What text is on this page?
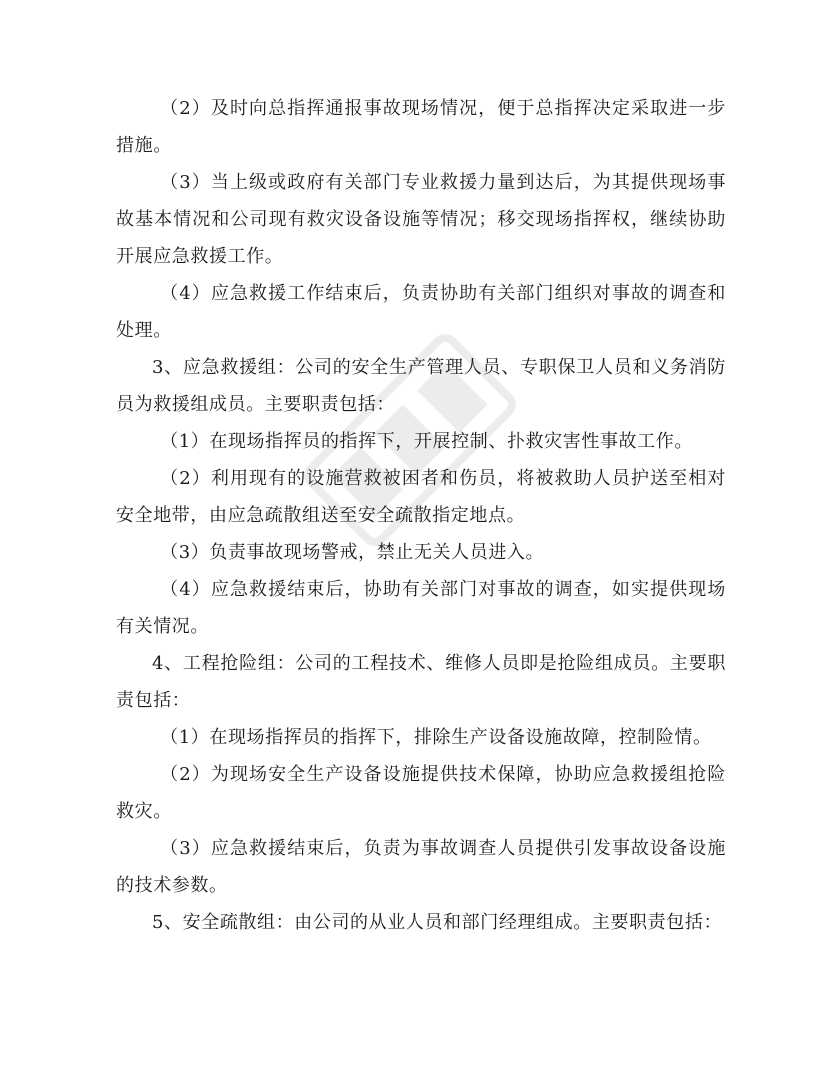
（2）及时向总指挥通报事故现场情况，便于总指挥决定采取进一步措施。

（3）当上级或政府有关部门专业救援力量到达后，为其提供现场事故基本情况和公司现有救灾设备设施等情况；移交现场指挥权，继续协助开展应急救援工作。

（4）应急救援工作结束后，负责协助有关部门组织对事故的调查和处理。

3、应急救援组：公司的安全生产管理人员、专职保卫人员和义务消防员为救援组成员。主要职责包括：

（1）在现场指挥员的指挥下，开展控制、扑救灾害性事故工作。

（2）利用现有的设施营救被困者和伤员，将被救助人员护送至相对安全地带，由应急疏散组送至安全疏散指定地点。

（3）负责事故现场警戒，禁止无关人员进入。

（4）应急救援结束后，协助有关部门对事故的调查，如实提供现场有关情况。

4、工程抢险组：公司的工程技术、维修人员即是抢险组成员。主要职责包括：

（1）在现场指挥员的指挥下，排除生产设备设施故障，控制险情。

（2）为现场安全生产设备设施提供技术保障，协助应急救援组抢险救灾。

（3）应急救援结束后，负责为事故调查人员提供引发事故设备设施的技术参数。

5、安全疏散组：由公司的从业人员和部门经理组成。主要职责包括：
